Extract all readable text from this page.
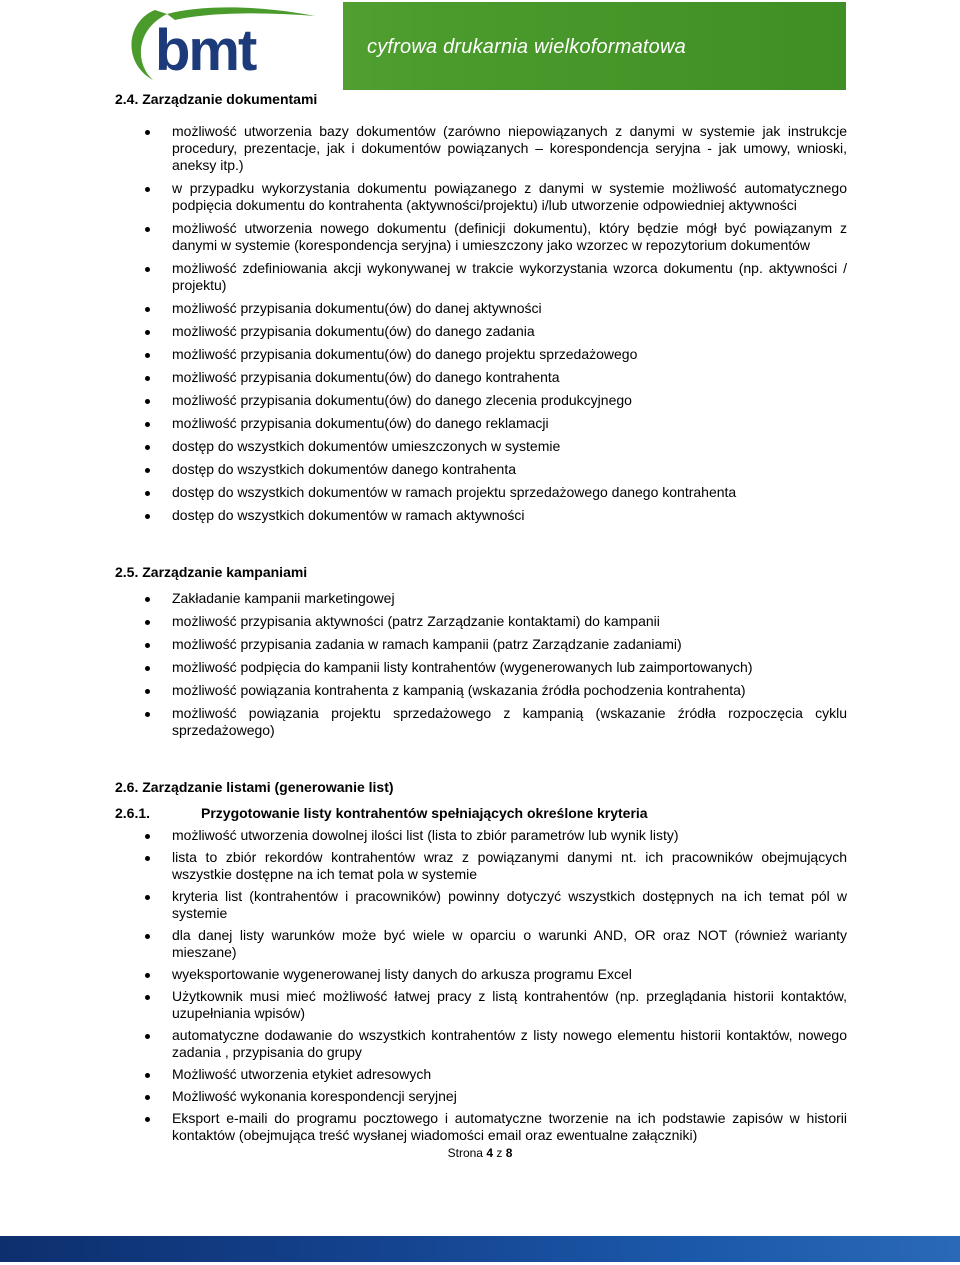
bmt	cyfrowa drukarnia wielkoformatowa

2.4. Zarządzanie dokumentami

możliwość utworzenia bazy dokumentów (zarówno niepowiązanych z danymi w systemie jak instrukcje procedury, prezentacje, jak i dokumentów powiązanych – korespondencja seryjna - jak umowy, wnioski, aneksy itp.)
w przypadku wykorzystania dokumentu powiązanego z danymi w systemie możliwość automatycznego podpięcia dokumentu do kontrahenta (aktywności/projektu) i/lub utworzenie odpowiedniej aktywności
możliwość utworzenia nowego dokumentu (definicji dokumentu), który będzie mógł być powiązanym z danymi w systemie (korespondencja seryjna) i umieszczony jako wzorzec w repozytorium dokumentów
możliwość zdefiniowania akcji wykonywanej w trakcie wykorzystania wzorca dokumentu (np. aktywności / projektu)
możliwość przypisania dokumentu(ów) do danej aktywności
możliwość przypisania dokumentu(ów) do danego zadania
możliwość przypisania dokumentu(ów) do danego projektu sprzedażowego
możliwość przypisania dokumentu(ów) do danego kontrahenta
możliwość przypisania dokumentu(ów) do danego zlecenia produkcyjnego
możliwość przypisania dokumentu(ów) do danego reklamacji
dostęp do wszystkich dokumentów umieszczonych w systemie
dostęp do wszystkich dokumentów danego kontrahenta
dostęp do wszystkich dokumentów w ramach projektu sprzedażowego danego kontrahenta
dostęp do wszystkich dokumentów w ramach aktywności

2.5. Zarządzanie kampaniami

Zakładanie kampanii marketingowej
możliwość przypisania aktywności (patrz Zarządzanie kontaktami) do kampanii
możliwość przypisania zadania w ramach kampanii (patrz Zarządzanie zadaniami)
możliwość podpięcia do kampanii listy kontrahentów (wygenerowanych lub zaimportowanych)
możliwość powiązania kontrahenta z kampanią (wskazania źródła pochodzenia kontrahenta)
możliwość powiązania projektu sprzedażowego z kampanią (wskazanie źródła rozpoczęcia cyklu sprzedażowego)

2.6. Zarządzanie listami (generowanie list)

2.6.1.	Przygotowanie listy kontrahentów spełniających określone kryteria

możliwość utworzenia dowolnej ilości list (lista to zbiór parametrów lub wynik listy)
lista to zbiór rekordów kontrahentów wraz z powiązanymi danymi nt. ich pracowników obejmujących wszystkie dostępne na ich temat pola w systemie
kryteria list (kontrahentów i pracowników) powinny dotyczyć wszystkich dostępnych na ich temat pól w systemie
dla danej listy warunków może być wiele w oparciu o warunki AND, OR oraz NOT (również warianty mieszane)
wyeksportowanie wygenerowanej listy danych do arkusza programu Excel
Użytkownik musi mieć możliwość łatwej pracy z listą kontrahentów (np. przeglądania historii kontaktów, uzupełniania wpisów)
automatyczne dodawanie do wszystkich kontrahentów z listy nowego elementu historii kontaktów, nowego zadania , przypisania do grupy
Możliwość utworzenia etykiet adresowych
Możliwość wykonania korespondencji seryjnej
Eksport e-maili do programu pocztowego i automatyczne tworzenie na ich podstawie zapisów w historii kontaktów (obejmująca treść wysłanej wiadomości email oraz ewentualne załączniki)
Strona 4 z 8
